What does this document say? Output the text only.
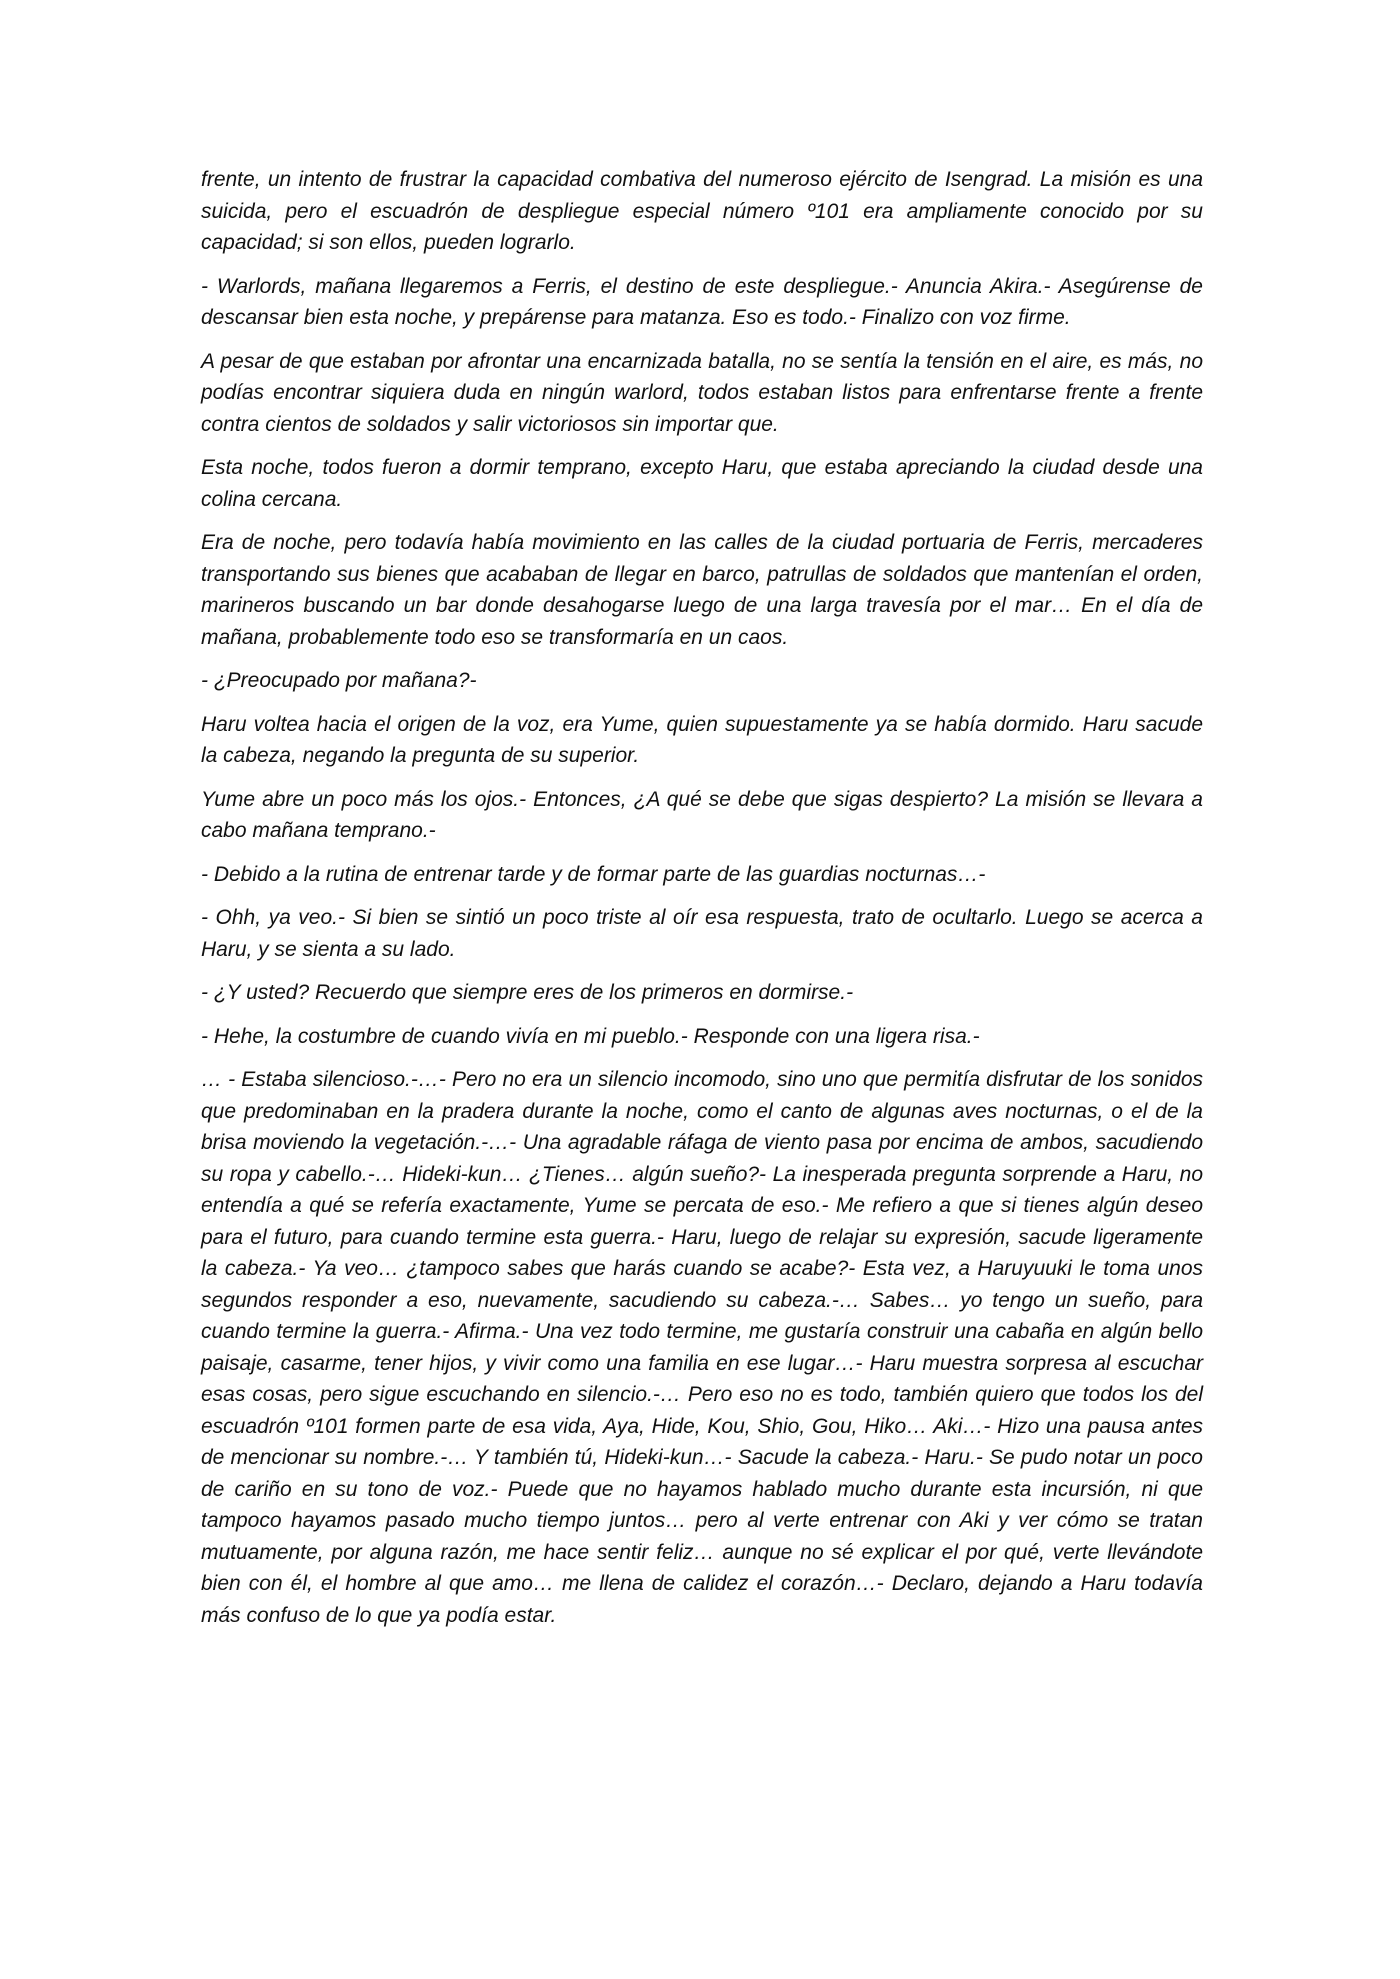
frente, un intento de frustrar la capacidad combativa del numeroso ejército de Isengrad. La misión es una suicida, pero el escuadrón de despliegue especial número º101 era ampliamente conocido por su capacidad; si son ellos, pueden lograrlo.

- Warlords, mañana llegaremos a Ferris, el destino de este despliegue.- Anuncia Akira.- Asegúrense de descansar bien esta noche, y prepárense para matanza. Eso es todo.- Finalizo con voz firme.

A pesar de que estaban por afrontar una encarnizada batalla, no se sentía la tensión en el aire, es más, no podías encontrar siquiera duda en ningún warlord, todos estaban listos para enfrentarse frente a frente contra cientos de soldados y salir victoriosos sin importar que.

Esta noche, todos fueron a dormir temprano, excepto Haru, que estaba apreciando la ciudad desde una colina cercana.

Era de noche, pero todavía había movimiento en las calles de la ciudad portuaria de Ferris, mercaderes transportando sus bienes que acababan de llegar en barco, patrullas de soldados que mantenían el orden, marineros buscando un bar donde desahogarse luego de una larga travesía por el mar… En el día de mañana, probablemente todo eso se transformaría en un caos.

- ¿Preocupado por mañana?-

Haru voltea hacia el origen de la voz, era Yume, quien supuestamente ya se había dormido. Haru sacude la cabeza, negando la pregunta de su superior.

Yume abre un poco más los ojos.- Entonces, ¿A qué se debe que sigas despierto? La misión se llevara a cabo mañana temprano.-

- Debido a la rutina de entrenar tarde y de formar parte de las guardias nocturnas…-

- Ohh, ya veo.- Si bien se sintió un poco triste al oír esa respuesta, trato de ocultarlo. Luego se acerca a Haru, y se sienta a su lado.

- ¿Y usted? Recuerdo que siempre eres de los primeros en dormirse.-

- Hehe, la costumbre de cuando vivía en mi pueblo.- Responde con una ligera risa.-

… - Estaba silencioso.-…- Pero no era un silencio incomodo, sino uno que permitía disfrutar de los sonidos que predominaban en la pradera durante la noche, como el canto de algunas aves nocturnas, o el de la brisa moviendo la vegetación.-…- Una agradable ráfaga de viento pasa por encima de ambos, sacudiendo su ropa y cabello.-… Hideki-kun… ¿Tienes… algún sueño?- La inesperada pregunta sorprende a Haru, no entendía a qué se refería exactamente, Yume se percata de eso.- Me refiero a que si tienes algún deseo para el futuro, para cuando termine esta guerra.- Haru, luego de relajar su expresión, sacude ligeramente la cabeza.- Ya veo… ¿tampoco sabes que harás cuando se acabe?- Esta vez, a Haruyuuki le toma unos segundos responder a eso, nuevamente, sacudiendo su cabeza.-… Sabes… yo tengo un sueño, para cuando termine la guerra.- Afirma.- Una vez todo termine, me gustaría construir una cabaña en algún bello paisaje, casarme, tener hijos, y vivir como una familia en ese lugar…- Haru muestra sorpresa al escuchar esas cosas, pero sigue escuchando en silencio.-… Pero eso no es todo, también quiero que todos los del escuadrón º101 formen parte de esa vida, Aya, Hide, Kou, Shio, Gou, Hiko… Aki…- Hizo una pausa antes de mencionar su nombre.-… Y también tú, Hideki-kun…- Sacude la cabeza.- Haru.- Se pudo notar un poco de cariño en su tono de voz.- Puede que no hayamos hablado mucho durante esta incursión, ni que tampoco hayamos pasado mucho tiempo juntos… pero al verte entrenar con Aki y ver cómo se tratan mutuamente, por alguna razón, me hace sentir feliz… aunque no sé explicar el por qué, verte llevándote bien con él, el hombre al que amo… me llena de calidez el corazón…- Declaro, dejando a Haru todavía más confuso de lo que ya podía estar.
